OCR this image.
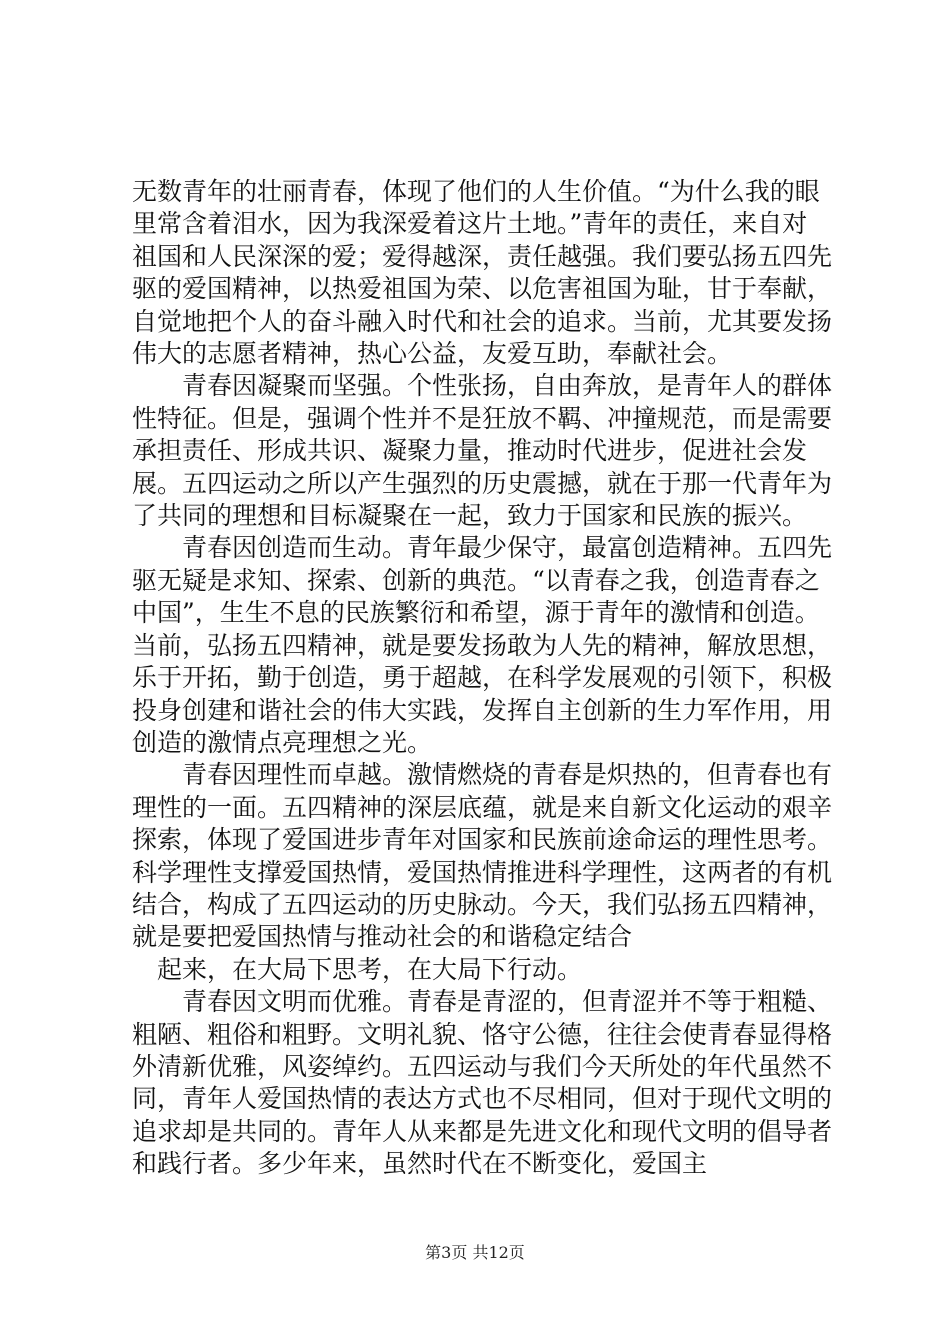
无数青年的壮丽青春，体现了他们的人生价值。“为什么我的眼里常含着泪水，因为我深爱着这片土地。”青年的责任，来自对祖国和人民深深的爱；爱得越深，责任越强。我们要弘扬五四先驱的爱国精神，以热爱祖国为荣、以危害祖国为耻，甘于奉献，自觉地把个人的奋斗融入时代和社会的追求。当前，尤其要发扬伟大的志愿者精神，热心公益，友爱互助，奉献社会。

青春因凝聚而坚强。个性张扬，自由奔放，是青年人的群体性特征。但是，强调个性并不是狂放不羁、冲撞规范，而是需要承担责任、形成共识、凝聚力量，推动时代进步，促进社会发展。五四运动之所以产生强烈的历史震撼，就在于那一代青年为了共同的理想和目标凝聚在一起，致力于国家和民族的振兴。

青春因创造而生动。青年最少保守，最富创造精神。五四先驱无疑是求知、探索、创新的典范。“以青春之我，创造青春之中国”，生生不息的民族繁衍和希望，源于青年的激情和创造。当前，弘扬五四精神，就是要发扬敢为人先的精神，解放思想，乐于开拓，勤于创造，勇于超越，在科学发展观的引领下，积极投身创建和谐社会的伟大实践，发挥自主创新的生力军作用，用创造的激情点亮理想之光。

青春因理性而卓越。激情燃烧的青春是炽热的，但青春也有理性的一面。五四精神的深层底蕴，就是来自新文化运动的艰辛探索，体现了爱国进步青年对国家和民族前途命运的理性思考。科学理性支撑爱国热情，爱国热情推进科学理性，这两者的有机结合，构成了五四运动的历史脉动。今天，我们弘扬五四精神，就是要把爱国热情与推动社会的和谐稳定结合

起来，在大局下思考，在大局下行动。

青春因文明而优雅。青春是青涩的，但青涩并不等于粗糙、粗陋、粗俗和粗野。文明礼貌、恪守公德，往往会使青春显得格外清新优雅，风姿绰约。五四运动与我们今天所处的年代虽然不同，青年人爱国热情的表达方式也不尽相同，但对于现代文明的追求却是共同的。青年人从来都是先进文化和现代文明的倡导者和践行者。多少年来，虽然时代在不断变化，爱国主

第3页 共12页
